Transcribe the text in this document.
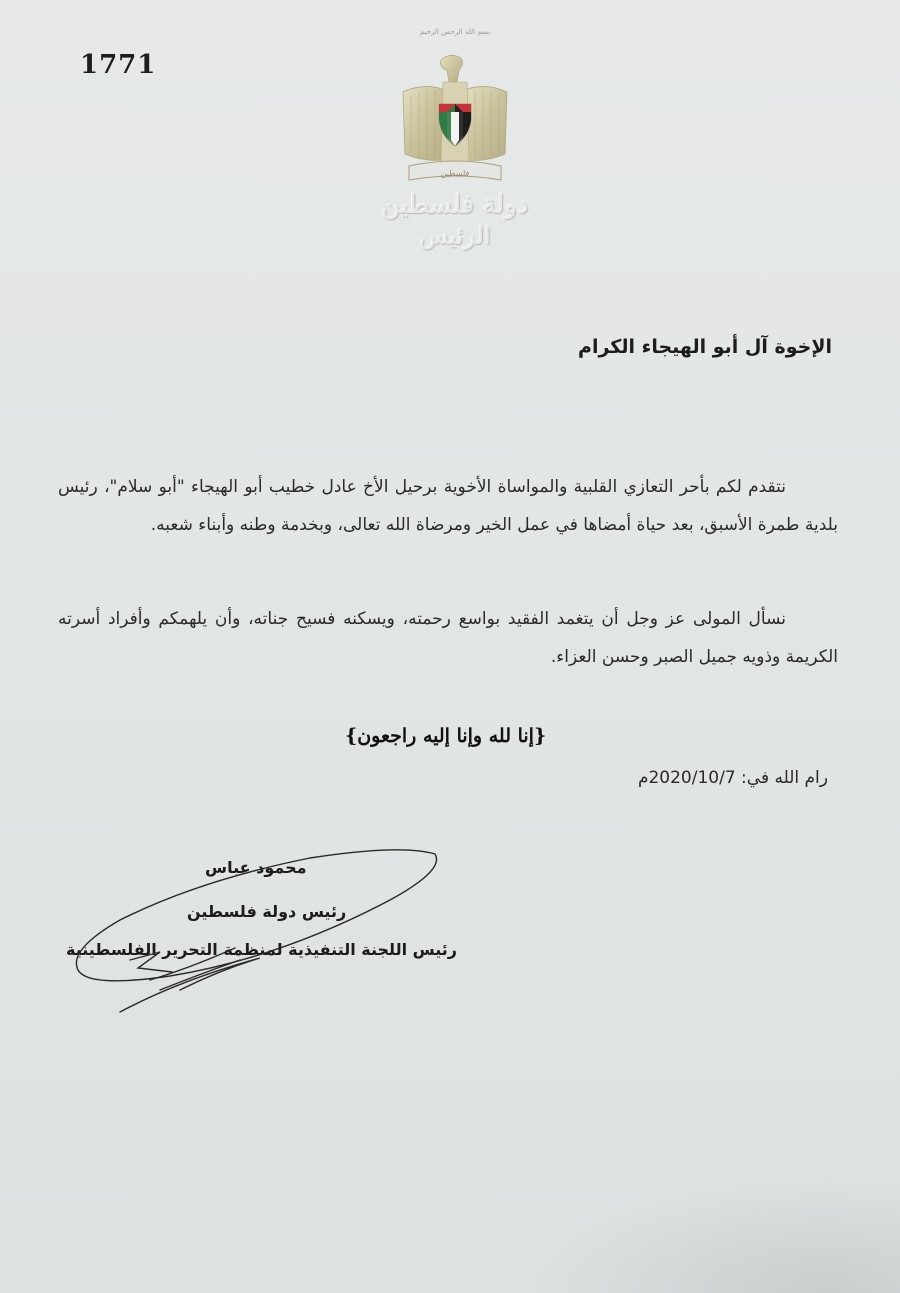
1771
بسم الله الرحمن الرحيم
فلسطين
دولة فلسطين
الرئيس
الإخوة آل أبو الهيجاء الكرام

نتقدم لكم بأحر التعازي القلبية والمواساة الأخوية برحيل الأخ عادل خطيب أبو الهيجاء "أبو سلام"، رئيس بلدية طمرة الأسبق، بعد حياة أمضاها في عمل الخير ومرضاة الله تعالى، وبخدمة وطنه وأبناء شعبه.

نسأل المولى عز وجل أن يتغمد الفقيد بواسع رحمته، ويسكنه فسيح جناته، وأن يلهمكم وأفراد أسرته الكريمة وذويه جميل الصبر وحسن العزاء.

{إنا لله وإنا إليه راجعون}
رام الله في: 2020/10/7م
محمود عباس
رئيس دولة فلسطين
رئيس اللجنة التنفيذية لمنظمة التحرير الفلسطينية
